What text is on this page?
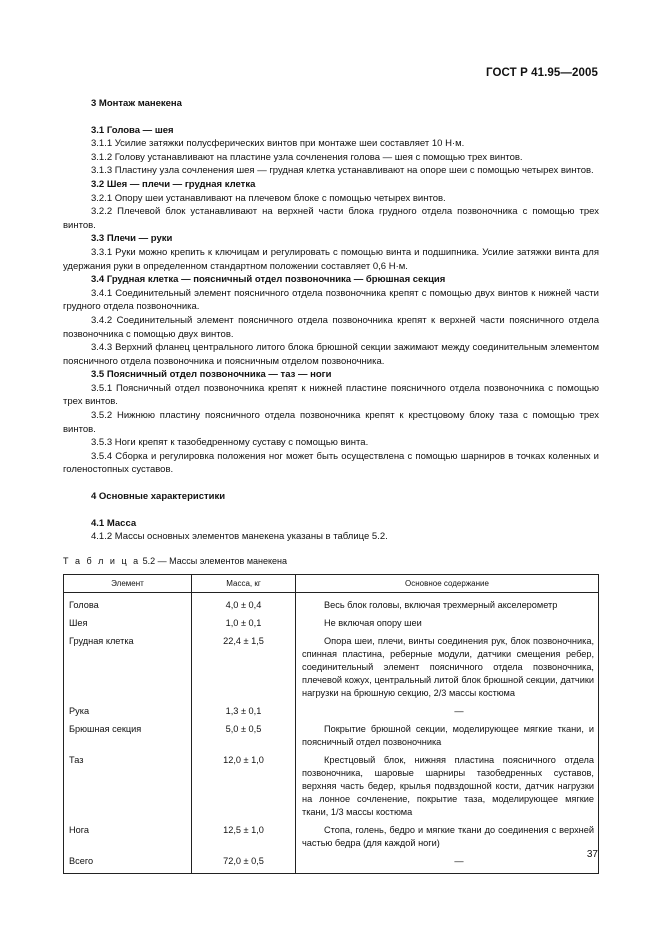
ГОСТ Р 41.95—2005
3 Монтаж манекена
3.1 Голова — шея

3.1.1 Усилие затяжки полусферических винтов при монтаже шеи составляет 10 Н·м.

3.1.2 Голову устанавливают на пластине узла сочленения голова — шея с помощью трех винтов.

3.1.3 Пластину узла сочленения шея — грудная клетка устанавливают на опоре шеи с помощью четырех винтов.

3.2 Шея — плечи — грудная клетка

3.2.1 Опору шеи устанавливают на плечевом блоке с помощью четырех винтов.

3.2.2 Плечевой блок устанавливают на верхней части блока грудного отдела позвоночника с помощью трех винтов.

3.3 Плечи — руки

3.3.1 Руки можно крепить к ключицам и регулировать с помощью винта и подшипника. Усилие затяжки винта для удержания руки в определенном стандартном положении составляет 0,6 Н·м.

3.4 Грудная клетка — поясничный отдел позвоночника — брюшная секция

3.4.1 Соединительный элемент поясничного отдела позвоночника крепят с помощью двух винтов к нижней части грудного отдела позвоночника.

3.4.2 Соединительный элемент поясничного отдела позвоночника крепят к верхней части поясничного отдела позвоночника с помощью двух винтов.

3.4.3 Верхний фланец центрального литого блока брюшной секции зажимают между соединительным элементом поясничного отдела позвоночника и поясничным отделом позвоночника.

3.5 Поясничный отдел позвоночника — таз — ноги

3.5.1 Поясничный отдел позвоночника крепят к нижней пластине поясничного отдела позвоночника с помощью трех винтов.

3.5.2 Нижнюю пластину поясничного отдела позвоночника крепят к крестцовому блоку таза с помощью трех винтов.

3.5.3 Ноги крепят к тазобедренному суставу с помощью винта.

3.5.4 Сборка и регулировка положения ног может быть осуществлена с помощью шарниров в точках коленных и голеностопных суставов.

4 Основные характеристики
4.1 Масса

4.1.2 Массы основных элементов манекена указаны в таблице 5.2.

Т а б л и ц а 5.2 — Массы элементов манекена
Элемент	Масса, кг	Основное содержание
Голова	4,0 ± 0,4	Весь блок головы, включая трехмерный акселерометр
Шея	1,0 ± 0,1	Не включая опору шеи
Грудная клетка	22,4 ± 1,5	Опора шеи, плечи, винты соединения рук, блок позвоночника, спинная пластина, реберные модули, датчики смещения ребер, соединительный элемент поясничного отдела позвоночника, плечевой кожух, центральный литой блок брюшной секции, датчики нагрузки на брюшную секцию, 2/3 массы костюма
Рука	1,3 ± 0,1	—
Брюшная секция	5,0 ± 0,5	Покрытие брюшной секции, моделирующее мягкие ткани, и поясничный отдел позвоночника
Таз	12,0 ± 1,0	Крестцовый блок, нижняя пластина поясничного отдела позвоночника, шаровые шарниры тазобедренных суставов, верхняя часть бедер, крылья подвздошной кости, датчик нагрузки на лонное сочленение, покрытие таза, моделирующее мягкие ткани, 1/3 массы костюма
Нога	12,5 ± 1,0	Стопа, голень, бедро и мягкие ткани до соединения с верхней частью бедра (для каждой ноги)
Всего	72,0 ± 0,5	—
37
